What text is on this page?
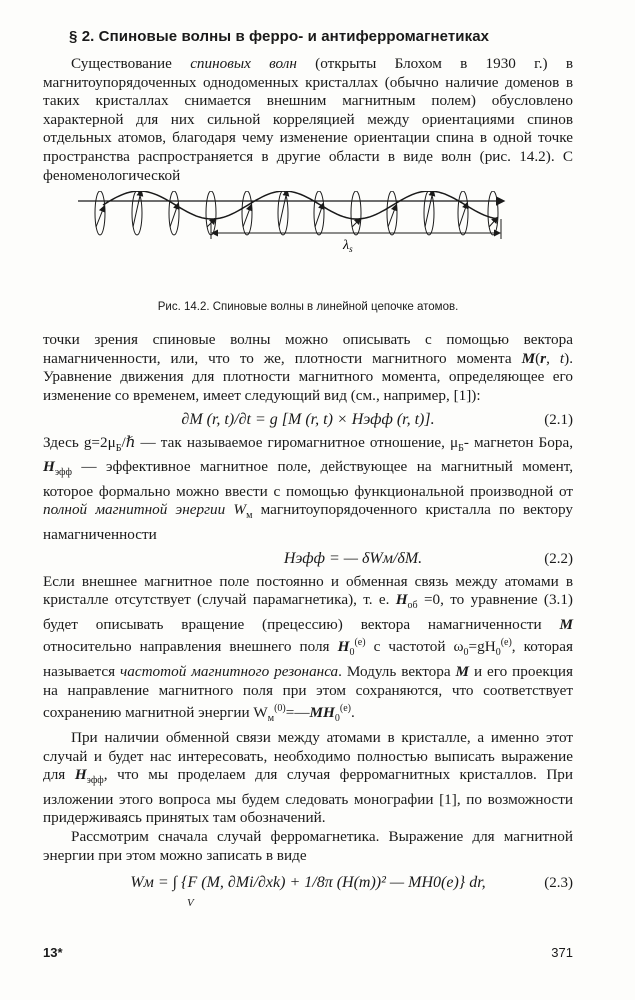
§ 2. Спиновые волны в ферро- и антиферромагнетиках

Существование спиновых волн (открыты Блохом в 1930 г.) в магнитоупорядоченных однодоменных кристаллах (обычно наличие доменов в таких кристаллах снимается внешним магнитным полем) обусловлено характерной для них сильной корреляцией между ориентациями спинов отдельных атомов, благодаря чему изменение ориентации спина в одной точке пространства распространяется в другие области в виде волн (рис. 14.2). С феноменологической

$\lambda_s$
Рис. 14.2. Спиновые волны в линейной цепочке атомов.

точки зрения спиновые волны можно описывать с помощью вектора намагниченности, или, что то же, плотности магнитного момента M(r, t). Уравнение движения для плотности магнитного момента, определяющее его изменение со временем, имеет следующий вид (см., например, [1]):

∂M (r, t)/∂t = g [M (r, t) × Hэфф (r, t)].	(2.1)

Здесь $g=2\mu_Б/\hbar$ — так называемое гиромагнитное отношение, $\mu_Б-$ магнетон Бора, $H_{эфф}$ — эффективное магнитное поле, действующее на магнитный момент, которое формально можно ввести с помощью функциональной производной от полной магнитной энергии $W_м$ магнитоупорядоченного кристалла по вектору намагниченности

Hэфф = — δWм/δM.	(2.2)

Если внешнее магнитное поле постоянно и обменная связь между атомами в кристалле отсутствует (случай парамагнетика), т. е. $H_{об} =0$, то уравнение (3.1) будет описывать вращение (прецессию) вектора намагниченности M относительно направления внешнего поля $H_0^{(e)}$ с частотой $\omega_0=gH_0^{(e)}$, которая называется частотой магнитного резонанса. Модуль вектора M и его проекция на направление магнитного поля при этом сохраняются, что соответствует сохранению магнитной энергии $W_м^{(0)}=—MH_0^{(e)}$.

При наличии обменной связи между атомами в кристалле, а именно этот случай и будет нас интересовать, необходимо полностью выписать выражение для $H_{эфф}$, что мы проделаем для случая ферромагнитных кристаллов. При изложении этого вопроса мы будем следовать монографии [1], по возможности придерживаясь принятых там обозначений.

Рассмотрим сначала случай ферромагнетика. Выражение для магнитной энергии при этом можно записать в виде

Wм = ∫ {F (M, ∂Mi/∂xk) + 1/8π (H(m))² — MH0(e)} dr,	(2.3)
V
13*	371
